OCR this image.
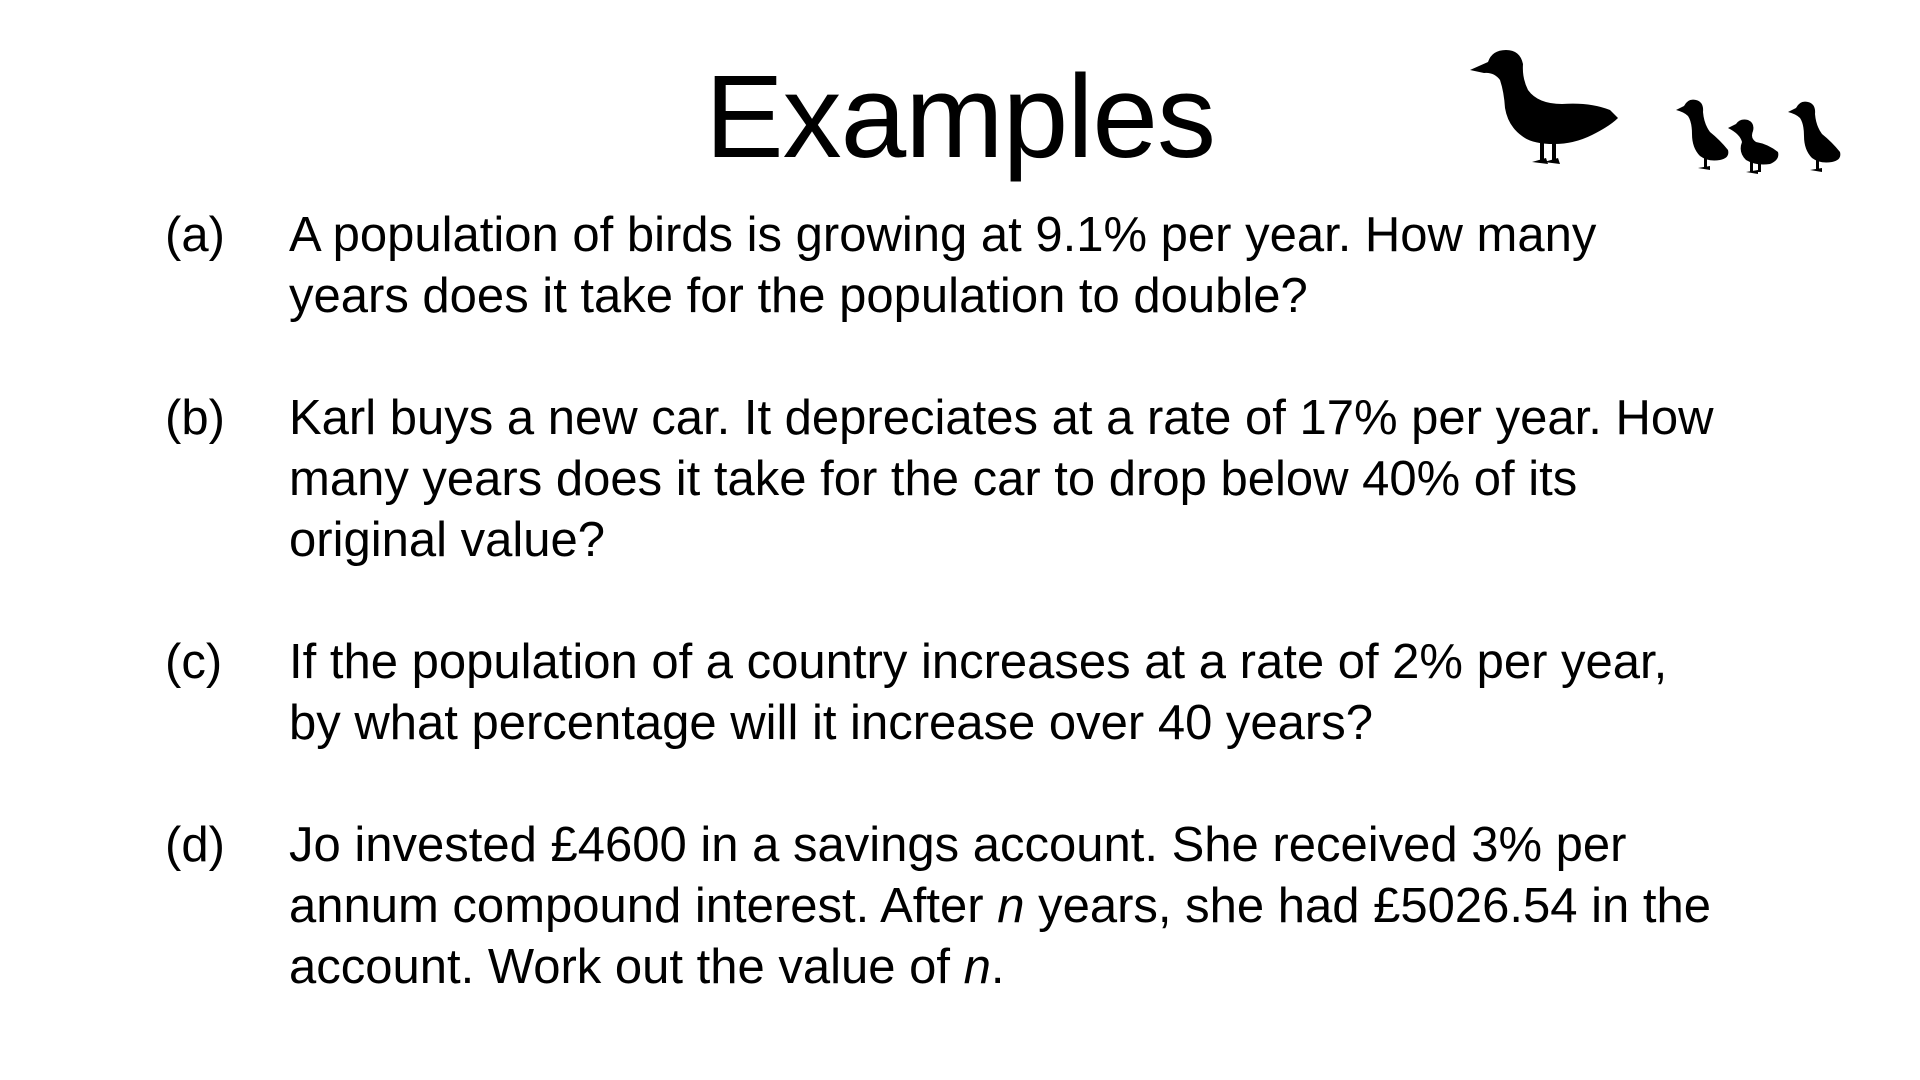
Examples
(a)	A population of birds is growing at 9.1% per year. How many
years does it take for the population to double?
(b)	Karl buys a new car. It depreciates at a rate of 17% per year. How
many years does it take for the car to drop below 40% of its
original value?
(c)	If the population of a country increases at a rate of 2% per year,
by what percentage will it increase over 40 years?
(d)	Jo invested £4600 in a savings account. She received 3% per
annum compound interest. After n years, she had £5026.54 in the
account. Work out the value of n.
